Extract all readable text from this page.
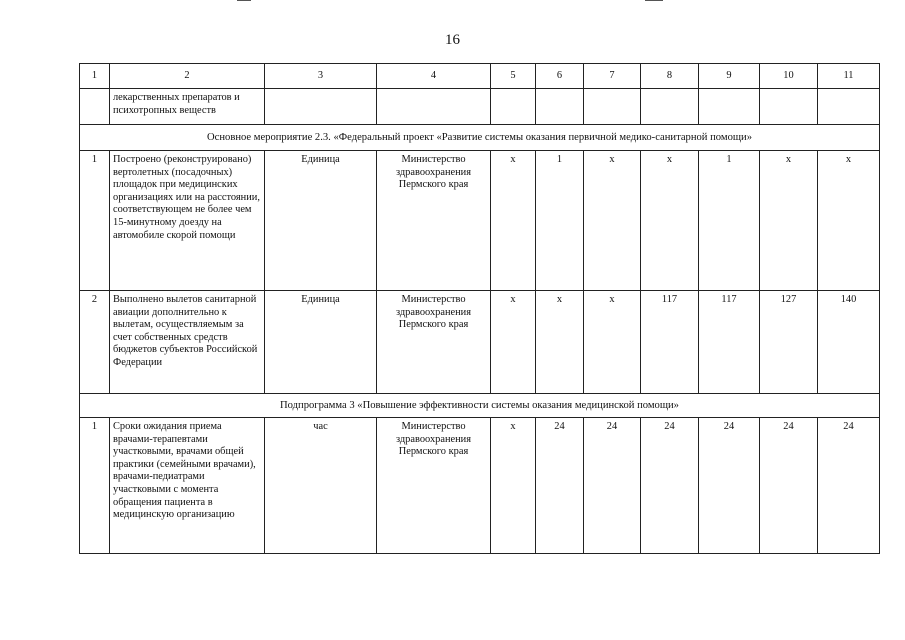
16
1	2	3	4	5	6	7	8	9	10	11
	лекарственных препаратов и психотропных веществ									
Основное мероприятие 2.3. «Федеральный проект «Развитие системы оказания первичной медико-санитарной помощи»										
1	Построено (реконструировано) вертолетных (посадочных) площадок при медицинских организациях или на расстоянии, соответствующем не более чем 15-минутному доезду на автомобиле скорой помощи	Единица	Министерство здравоохранения Пермского края	х	1	х	х	1	х	х
2	Выполнено вылетов санитарной авиации дополнительно к вылетам, осуществляемым за счет собственных средств бюджетов субъектов Российской Федерации	Единица	Министерство здравоохранения Пермского края	х	х	х	117	117	127	140
Подпрограмма 3 «Повышение эффективности системы оказания медицинской помощи»										
1	Сроки ожидания приема врачами-терапевтами участковыми, врачами общей практики (семейными врачами), врачами-педиатрами участковыми с момента обращения пациента в медицинскую организацию	час	Министерство здравоохранения Пермского края	х	24	24	24	24	24	24
